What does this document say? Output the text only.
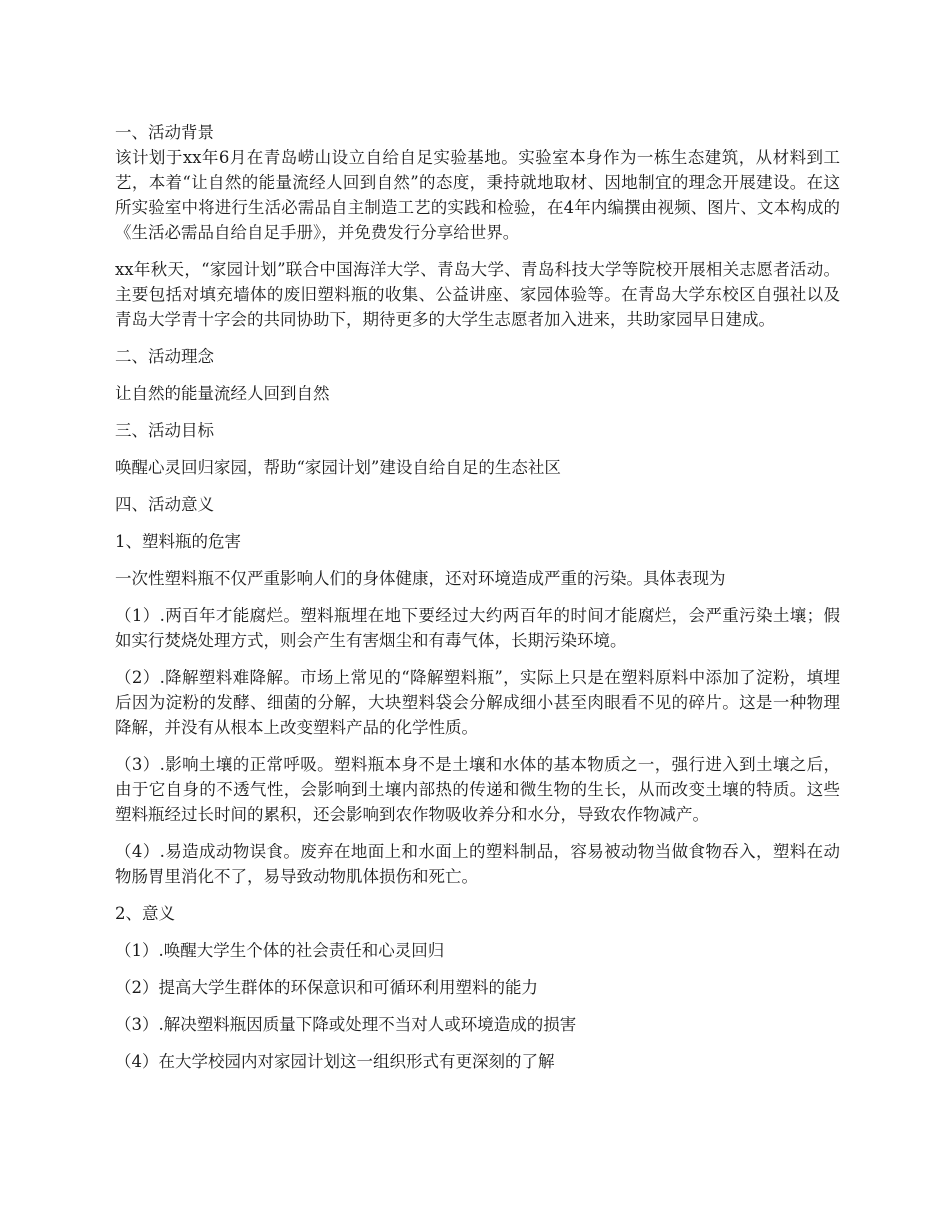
一、活动背景

该计划于xx年6月在青岛崂山设立自给自足实验基地。实验室本身作为一栋生态建筑，从材料到工艺，本着“让自然的能量流经人回到自然”的态度，秉持就地取材、因地制宜的理念开展建设。在这所实验室中将进行生活必需品自主制造工艺的实践和检验，在4年内编撰由视频、图片、文本构成的《生活必需品自给自足手册》，并免费发行分享给世界。

xx年秋天，“家园计划”联合中国海洋大学、青岛大学、青岛科技大学等院校开展相关志愿者活动。主要包括对填充墙体的废旧塑料瓶的收集、公益讲座、家园体验等。在青岛大学东校区自强社以及青岛大学青十字会的共同协助下，期待更多的大学生志愿者加入进来，共助家园早日建成。

二、活动理念

让自然的能量流经人回到自然

三、活动目标

唤醒心灵回归家园，帮助“家园计划”建设自给自足的生态社区

四、活动意义

1、塑料瓶的危害

一次性塑料瓶不仅严重影响人们的身体健康，还对环境造成严重的污染。具体表现为

（1）.两百年才能腐烂。塑料瓶埋在地下要经过大约两百年的时间才能腐烂，会严重污染土壤；假如实行焚烧处理方式，则会产生有害烟尘和有毒气体，长期污染环境。

（2）.降解塑料难降解。市场上常见的“降解塑料瓶”，实际上只是在塑料原料中添加了淀粉，填埋后因为淀粉的发酵、细菌的分解，大块塑料袋会分解成细小甚至肉眼看不见的碎片。这是一种物理降解，并没有从根本上改变塑料产品的化学性质。

（3）.影响土壤的正常呼吸。塑料瓶本身不是土壤和水体的基本物质之一，强行进入到土壤之后，由于它自身的不透气性，会影响到土壤内部热的传递和微生物的生长，从而改变土壤的特质。这些塑料瓶经过长时间的累积，还会影响到农作物吸收养分和水分，导致农作物减产。

（4）.易造成动物误食。废弃在地面上和水面上的塑料制品，容易被动物当做食物吞入，塑料在动物肠胃里消化不了，易导致动物肌体损伤和死亡。

2、意义

（1）.唤醒大学生个体的社会责任和心灵回归

（2）提高大学生群体的环保意识和可循环利用塑料的能力

（3）.解决塑料瓶因质量下降或处理不当对人或环境造成的损害

（4）在大学校园内对家园计划这一组织形式有更深刻的了解
